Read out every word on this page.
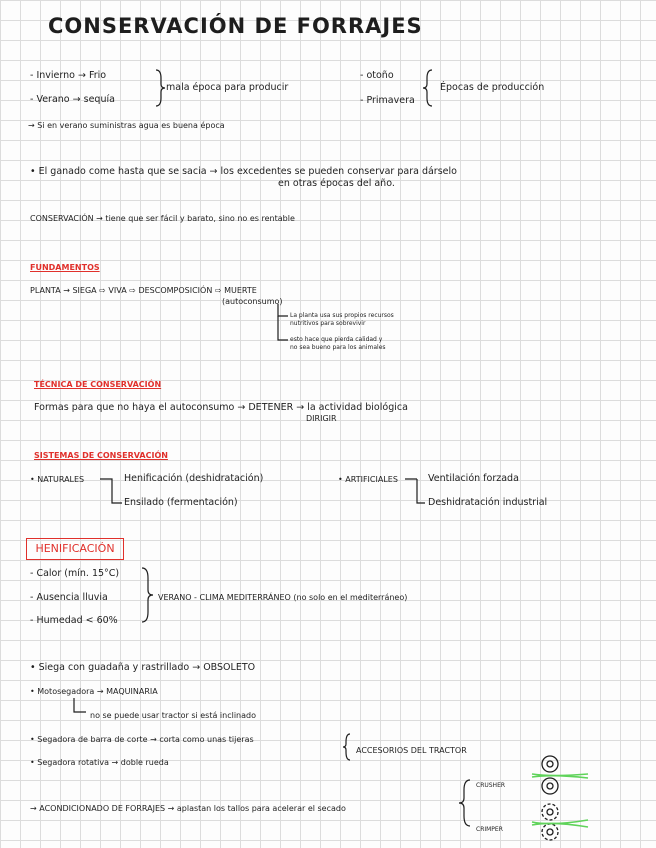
CONSERVACIÓN DE FORRAJES
- Invierno → Frio
- Verano → sequía
mala época para producir
- otoño
- Primavera
Épocas de producción
→ Si en verano suministras agua es buena época
• El ganado come hasta que se sacia → los excedentes se pueden conservar para dárselo
en otras épocas del año.
CONSERVACIÓN → tiene que ser fácil y barato, sino no es rentable
FUNDAMENTOS
PLANTA → SIEGA ⇨ VIVA ⇨ DESCOMPOSICIÓN ⇨ MUERTE
(autoconsumo)
La planta usa sus propios recursos
nutritivos para sobrevivir
esto hace que pierda calidad y
no sea bueno para los animales
TÉCNICA DE CONSERVACIÓN
Formas para que no haya el autoconsumo → DETENER → la actividad biológica
DIRIGIR
SISTEMAS DE CONSERVACIÓN
• NATURALES	Henificación (deshidratación)
Ensilado (fermentación)
• ARTIFICIALES	Ventilación forzada
Deshidratación industrial
HENIFICACIÓN
- Calor (mín. 15°C)
- Ausencia lluvia
- Humedad < 60%
VERANO - CLIMA MEDITERRÁNEO (no solo en el mediterráneo)
• Siega con guadaña y rastrillado → OBSOLETO
• Motosegadora → MAQUINARIA
no se puede usar tractor si está inclinado
• Segadora de barra de corte → corta como unas tijeras
• Segadora rotativa → doble rueda
ACCESORIOS DEL TRACTOR
→ ACONDICIONADO DE FORRAJES → aplastan los tallos para acelerar el secado
CRUSHER
CRIMPER
